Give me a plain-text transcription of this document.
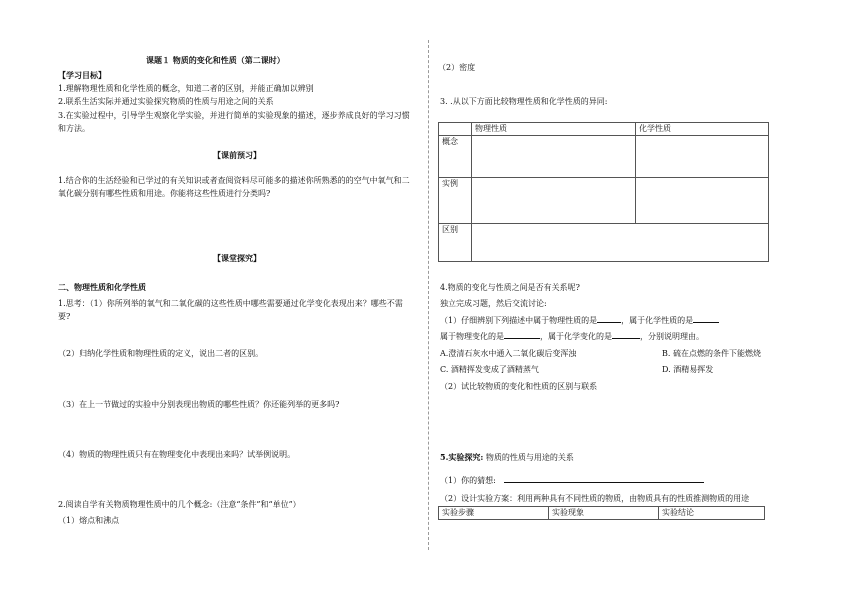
课题１ 物质的变化和性质（第二课时）
【学习目标】
1.理解物理性质和化学性质的概念，知道二者的区别，并能正确加以辨别
2.联系生活实际并通过实验探究物质的性质与用途之间的关系
3.在实验过程中，引导学生观察化学实验，并进行简单的实验现象的描述，逐步养成良好的学习习惯和方法。
【课前预习】
1.结合你的生活经验和已学过的有关知识或者查阅资料尽可能多的描述你所熟悉的的空气中氧气和二氧化碳分别有哪些性质和用途。你能将这些性质进行分类吗?
【课堂探究】
二、物理性质和化学性质
1.思考：（1）你所列举的氧气和二氧化碳的这些性质中哪些需要通过化学变化表现出来？哪些不需要?
（2）归纳化学性质和物理性质的定义，说出二者的区别。
（3）在上一节做过的实验中分别表现出物质的哪些性质？你还能列举的更多吗?
（4）物质的物理性质只有在物理变化中表现出来吗？试举例说明。
2.阅读自学有关物质物理性质中的几个概念:（注意“条件”和“单位”）
（1）熔点和沸点
（2）密度
3. .从以下方面比较物理性质和化学性质的异同:
	物理性质	化学性质
概念		
实例		
区别		
4.物质的变化与性质之间是否有关系呢?
独立完成习题，然后交流讨论:
（1）仔细辨别下列描述中属于物理性质的是	，属于化学性质的是
属于物理变化的是	，属于化学变化的是	，分别说明理由。
A.澄清石灰水中通入二氧化碳后变浑浊	B. 硫在点燃的条件下能燃烧
C. 酒精挥发变成了酒精蒸气	D. 酒精易挥发
（2）试比较物质的变化和性质的区别与联系
5.实验探究: 物质的性质与用途的关系
（1）你的猜想:
（2）设计实验方案：利用两种具有不同性质的物质，由物质具有的性质推测物质的用途
实验步骤	实验现象	实验结论
